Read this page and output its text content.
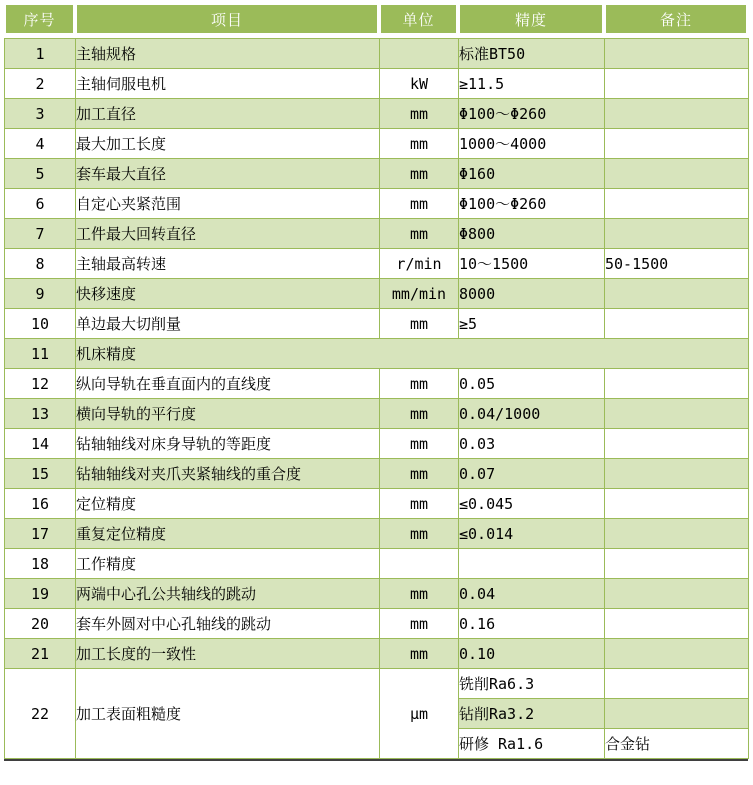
序号	项目	单位	精度	备注
1	主轴规格		标准BT50	
2	主轴伺服电机	kW	≥11.5	
3	加工直径	mm	Φ100～Φ260	
4	最大加工长度	mm	1000～4000	
5	套车最大直径	mm	Φ160	
6	自定心夹紧范围	mm	Φ100～Φ260	
7	工件最大回转直径	mm	Φ800	
8	主轴最高转速	r/min	10～1500	50-1500
9	快移速度	mm/min	8000	
10	单边最大切削量	mm	≥5	
11	机床精度			
12	纵向导轨在垂直面内的直线度	mm	0.05	
13	横向导轨的平行度	mm	0.04/1000	
14	钻轴轴线对床身导轨的等距度	mm	0.03	
15	钻轴轴线对夹爪夹紧轴线的重合度	mm	0.07	
16	定位精度	mm	≤0.045	
17	重复定位精度	mm	≤0.014	
18	工作精度			
19	两端中心孔公共轴线的跳动	mm	0.04	
20	套车外圆对中心孔轴线的跳动	mm	0.16	
21	加工长度的一致性	mm	0.10	
22	加工表面粗糙度	μm	铣削Ra6.3	
			钻削Ra3.2	
			研修 Ra1.6	合金钻
